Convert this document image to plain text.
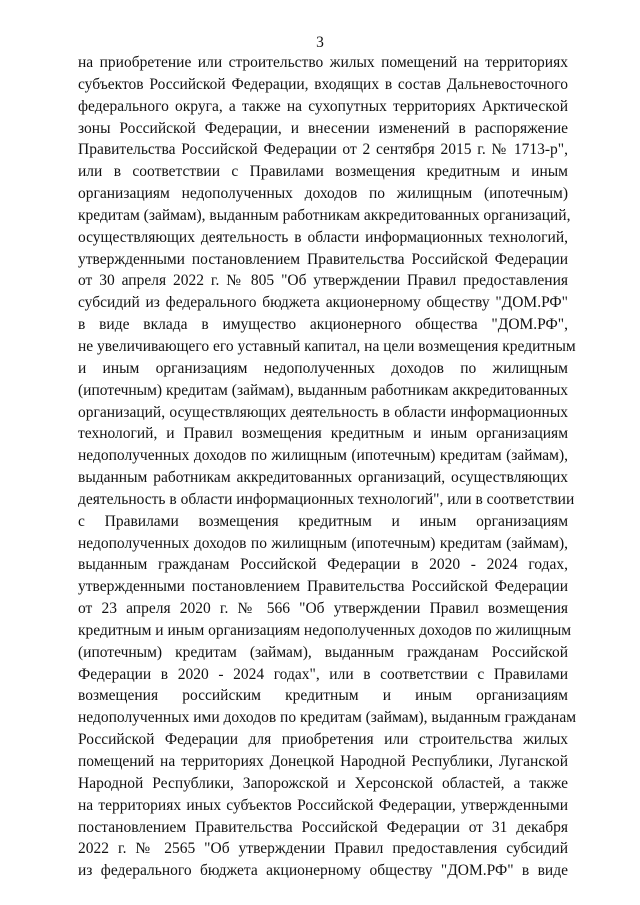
3
на приобретение или строительство жилых помещений на территориях
субъектов Российской Федерации, входящих в состав Дальневосточного
федерального округа, а также на сухопутных территориях Арктической
зоны Российской Федерации, и внесении изменений в распоряжение
Правительства Российской Федерации от 2 сентября 2015 г. № 1713-р",
или в соответствии с Правилами возмещения кредитным и иным
организациям недополученных доходов по жилищным (ипотечным)
кредитам (займам), выданным работникам аккредитованных организаций,
осуществляющих деятельность в области информационных технологий,
утвержденными постановлением Правительства Российской Федерации
от 30 апреля 2022 г. № 805 "Об утверждении Правил предоставления
субсидий из федерального бюджета акционерному обществу "ДОМ.РФ"
в виде вклада в имущество акционерного общества "ДОМ.РФ",
не увеличивающего его уставный капитал, на цели возмещения кредитным
и иным организациям недополученных доходов по жилищным
(ипотечным) кредитам (займам), выданным работникам аккредитованных
организаций, осуществляющих деятельность в области информационных
технологий, и Правил возмещения кредитным и иным организациям
недополученных доходов по жилищным (ипотечным) кредитам (займам),
выданным работникам аккредитованных организаций, осуществляющих
деятельность в области информационных технологий", или в соответствии
с Правилами возмещения кредитным и иным организациям
недополученных доходов по жилищным (ипотечным) кредитам (займам),
выданным гражданам Российской Федерации в 2020 - 2024 годах,
утвержденными постановлением Правительства Российской Федерации
от 23 апреля 2020 г. № 566 "Об утверждении Правил возмещения
кредитным и иным организациям недополученных доходов по жилищным
(ипотечным) кредитам (займам), выданным гражданам Российской
Федерации в 2020 - 2024 годах", или в соответствии с Правилами
возмещения российским кредитным и иным организациям
недополученных ими доходов по кредитам (займам), выданным гражданам
Российской Федерации для приобретения или строительства жилых
помещений на территориях Донецкой Народной Республики, Луганской
Народной Республики, Запорожской и Херсонской областей, а также
на территориях иных субъектов Российской Федерации, утвержденными
постановлением Правительства Российской Федерации от 31 декабря
2022 г. № 2565 "Об утверждении Правил предоставления субсидий
из федерального бюджета акционерному обществу "ДОМ.РФ" в виде
